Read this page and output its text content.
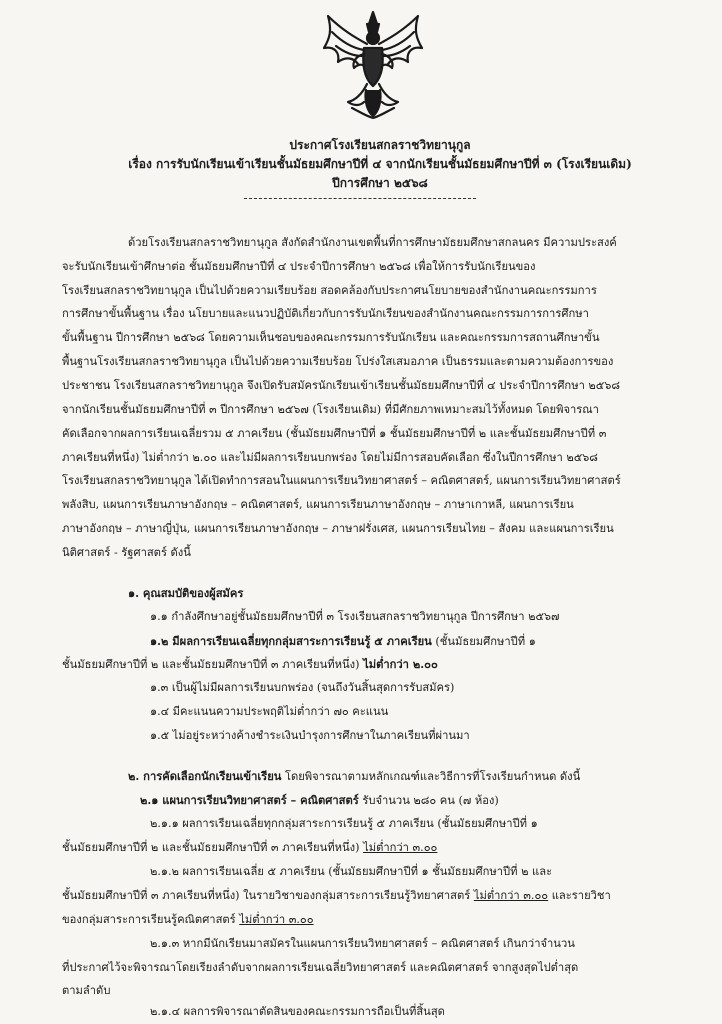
ประกาศโรงเรียนสกลราชวิทยานุกูล
เรื่อง การรับนักเรียนเข้าเรียนชั้นมัธยมศึกษาปีที่ ๔ จากนักเรียนชั้นมัธยมศึกษาปีที่ ๓ (โรงเรียนเดิม)
ปีการศึกษา ๒๕๖๘
ด้วยโรงเรียนสกลราชวิทยานุกูล สังกัดสำนักงานเขตพื้นที่การศึกษามัธยมศึกษาสกลนคร มีความประสงค์
จะรับนักเรียนเข้าศึกษาต่อ ชั้นมัธยมศึกษาปีที่ ๔ ประจำปีการศึกษา ๒๕๖๘ เพื่อให้การรับนักเรียนของ
โรงเรียนสกลราชวิทยานุกูล เป็นไปด้วยความเรียบร้อย สอดคล้องกับประกาศนโยบายของสำนักงานคณะกรรมการ
การศึกษาขั้นพื้นฐาน เรื่อง นโยบายและแนวปฏิบัติเกี่ยวกับการรับนักเรียนของสำนักงานคณะกรรมการการศึกษา
ขั้นพื้นฐาน ปีการศึกษา ๒๕๖๘ โดยความเห็นชอบของคณะกรรมการรับนักเรียน และคณะกรรมการสถานศึกษาขั้น
พื้นฐานโรงเรียนสกลราชวิทยานุกูล เป็นไปด้วยความเรียบร้อย โปร่งใสเสมอภาค เป็นธรรมและตามความต้องการของ
ประชาชน โรงเรียนสกลราชวิทยานุกูล จึงเปิดรับสมัครนักเรียนเข้าเรียนชั้นมัธยมศึกษาปีที่ ๔ ประจำปีการศึกษา ๒๕๖๘
จากนักเรียนชั้นมัธยมศึกษาปีที่ ๓ ปีการศึกษา ๒๕๖๗ (โรงเรียนเดิม) ที่มีศักยภาพเหมาะสมไว้ทั้งหมด โดยพิจารณา
คัดเลือกจากผลการเรียนเฉลี่ยรวม ๕ ภาคเรียน (ชั้นมัธยมศึกษาปีที่ ๑ ชั้นมัธยมศึกษาปีที่ ๒ และชั้นมัธยมศึกษาปีที่ ๓
ภาคเรียนที่หนึ่ง) ไม่ต่ำกว่า ๒.๐๐ และไม่มีผลการเรียนบกพร่อง โดยไม่มีการสอบคัดเลือก ซึ่งในปีการศึกษา ๒๕๖๘
โรงเรียนสกลราชวิทยานุกูล ได้เปิดทำการสอนในแผนการเรียนวิทยาศาสตร์ – คณิตศาสตร์, แผนการเรียนวิทยาศาสตร์
พลังสิบ, แผนการเรียนภาษาอังกฤษ – คณิตศาสตร์, แผนการเรียนภาษาอังกฤษ – ภาษาเกาหลี, แผนการเรียน
ภาษาอังกฤษ – ภาษาญี่ปุ่น, แผนการเรียนภาษาอังกฤษ – ภาษาฝรั่งเศส, แผนการเรียนไทย – สังคม และแผนการเรียน
นิติศาสตร์ - รัฐศาสตร์ ดังนี้
๑. คุณสมบัติของผู้สมัคร
๑.๑ กำลังศึกษาอยู่ชั้นมัธยมศึกษาปีที่ ๓ โรงเรียนสกลราชวิทยานุกูล ปีการศึกษา ๒๕๖๗
๑.๒ มีผลการเรียนเฉลี่ยทุกกลุ่มสาระการเรียนรู้ ๕ ภาคเรียน (ชั้นมัธยมศึกษาปีที่ ๑
ชั้นมัธยมศึกษาปีที่ ๒ และชั้นมัธยมศึกษาปีที่ ๓ ภาคเรียนที่หนึ่ง) ไม่ต่ำกว่า ๒.๐๐
๑.๓ เป็นผู้ไม่มีผลการเรียนบกพร่อง (จนถึงวันสิ้นสุดการรับสมัคร)
๑.๔ มีคะแนนความประพฤติไม่ต่ำกว่า ๗๐ คะแนน
๑.๕ ไม่อยู่ระหว่างค้างชำระเงินบำรุงการศึกษาในภาคเรียนที่ผ่านมา
๒. การคัดเลือกนักเรียนเข้าเรียน โดยพิจารณาตามหลักเกณฑ์และวิธีการที่โรงเรียนกำหนด ดังนี้
๒.๑ แผนการเรียนวิทยาศาสตร์ – คณิตศาสตร์ รับจำนวน ๒๘๐ คน (๗ ห้อง)
๒.๑.๑ ผลการเรียนเฉลี่ยทุกกลุ่มสาระการเรียนรู้ ๕ ภาคเรียน (ชั้นมัธยมศึกษาปีที่ ๑
ชั้นมัธยมศึกษาปีที่ ๒ และชั้นมัธยมศึกษาปีที่ ๓ ภาคเรียนที่หนึ่ง) ไม่ต่ำกว่า ๓.๐๐
๒.๑.๒ ผลการเรียนเฉลี่ย ๕ ภาคเรียน (ชั้นมัธยมศึกษาปีที่ ๑ ชั้นมัธยมศึกษาปีที่ ๒ และ
ชั้นมัธยมศึกษาปีที่ ๓ ภาคเรียนที่หนึ่ง) ในรายวิชาของกลุ่มสาระการเรียนรู้วิทยาศาสตร์ ไม่ต่ำกว่า ๓.๐๐ และรายวิชา
ของกลุ่มสาระการเรียนรู้คณิตศาสตร์ ไม่ต่ำกว่า ๓.๐๐
๒.๑.๓ หากมีนักเรียนมาสมัครในแผนการเรียนวิทยาศาสตร์ – คณิตศาสตร์ เกินกว่าจำนวน
ที่ประกาศไว้จะพิจารณาโดยเรียงลำดับจากผลการเรียนเฉลี่ยวิทยาศาสตร์ และคณิตศาสตร์ จากสูงสุดไปต่ำสุด
ตามลำดับ
๒.๑.๔ ผลการพิจารณาตัดสินของคณะกรรมการถือเป็นที่สิ้นสุด
